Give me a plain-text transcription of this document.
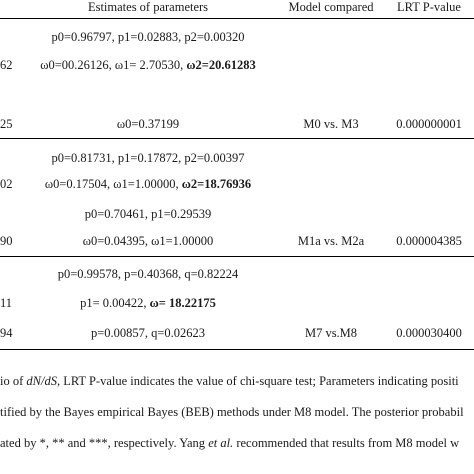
Estimates of parameters	Model compared LRT P-value
p0=0.96797, p1=0.02883, p2=0.00320
62 ω0=00.26126, ω1= 2.70530, ω2=20.61283
25	ω0=0.37199	M0 vs. M3	0.000000001
p0=0.81731, p1=0.17872, p2=0.00397
02	ω0=0.17504, ω1=1.00000, ω2=18.76936
p0=0.70461, p1=0.29539
90	ω0=0.04395, ω1=1.00000	M1a vs. M2a	0.000004385
p0=0.99578, p=0.40368, q=0.82224
11	p1= 0.00422, ω= 18.22175
94	p=0.00857, q=0.02623	M7 vs.M8	0.000030400
io of dN/dS, LRT P-value indicates the value of chi-square test; Parameters indicating positi
tified by the Bayes empirical Bayes (BEB) methods under M8 model. The posterior probabil
ated by *, ** and ***, respectively. Yang et al. recommended that results from M8 model w
